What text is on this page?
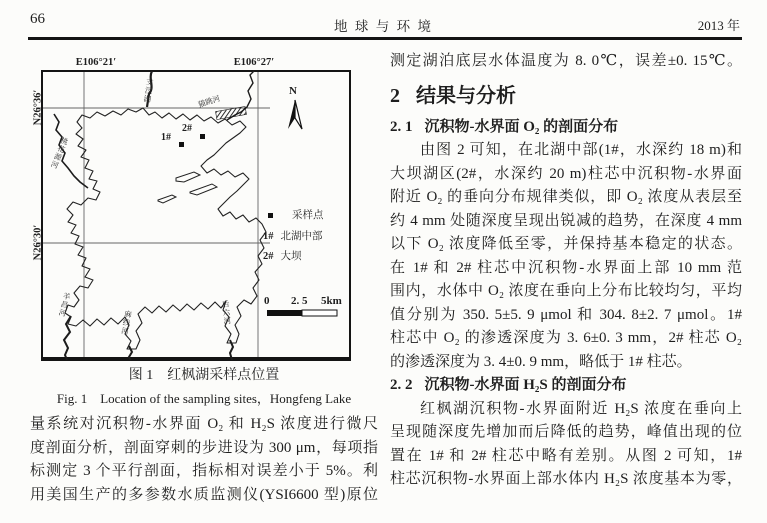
66	地 球 与 环 境	2013 年
E106°21′	E106°27′
N26°36′
N26°30′
N
1#
2#
支汊湖	猫跳河
桃花源河
羊昌河
麻线河	后六河
采样点
1# 北湖中部
2# 大坝
0 2. 5 5km
图 1　红枫湖采样点位置
Fig. 1　Location of the sampling sites，Hongfeng Lake
量系统对沉积物-水界面 O₂ 和 H₂S 浓度进行微尺
度剖面分析，剖面穿刺的步进设为 300 μm，每项指
标测定 3 个平行剖面，指标相对误差小于 5%。利
用美国生产的多参数水质监测仪(YSI6600 型)原位
测定湖泊底层水体温度为 8. 0℃，误差±0. 15℃。
2 结果与分析
2. 1 沉积物-水界面 O₂ 的剖面分布
由图 2 可知，在北湖中部(1#，水深约 18 m)和
大坝湖区(2#，水深约 20 m)柱芯中沉积物-水界面
附近 O₂ 的垂向分布规律类似，即 O₂ 浓度从表层至
约 4 mm 处随深度呈现出锐减的趋势，在深度 4 mm
以下 O₂ 浓度降低至零，并保持基本稳定的状态。
在 1# 和 2# 柱芯中沉积物-水界面上部 10 mm 范
围内，水体中 O₂ 浓度在垂向上分布比较均匀，平均
值分别为 350. 5±5. 9 μmol 和 304. 8±2. 7 μmol。1#
柱芯中 O₂ 的渗透深度为 3. 6±0. 3 mm，2# 柱芯 O₂
的渗透深度为 3. 4±0. 9 mm，略低于 1# 柱芯。
2. 2 沉积物-水界面 H₂S 的剖面分布
红枫湖沉积物-水界面附近 H₂S 浓度在垂向上
呈现随深度先增加而后降低的趋势，峰值出现的位
置在 1# 和 2# 柱芯中略有差别。从图 2 可知，1#
柱芯沉积物-水界面上部水体内 H₂S 浓度基本为零，
